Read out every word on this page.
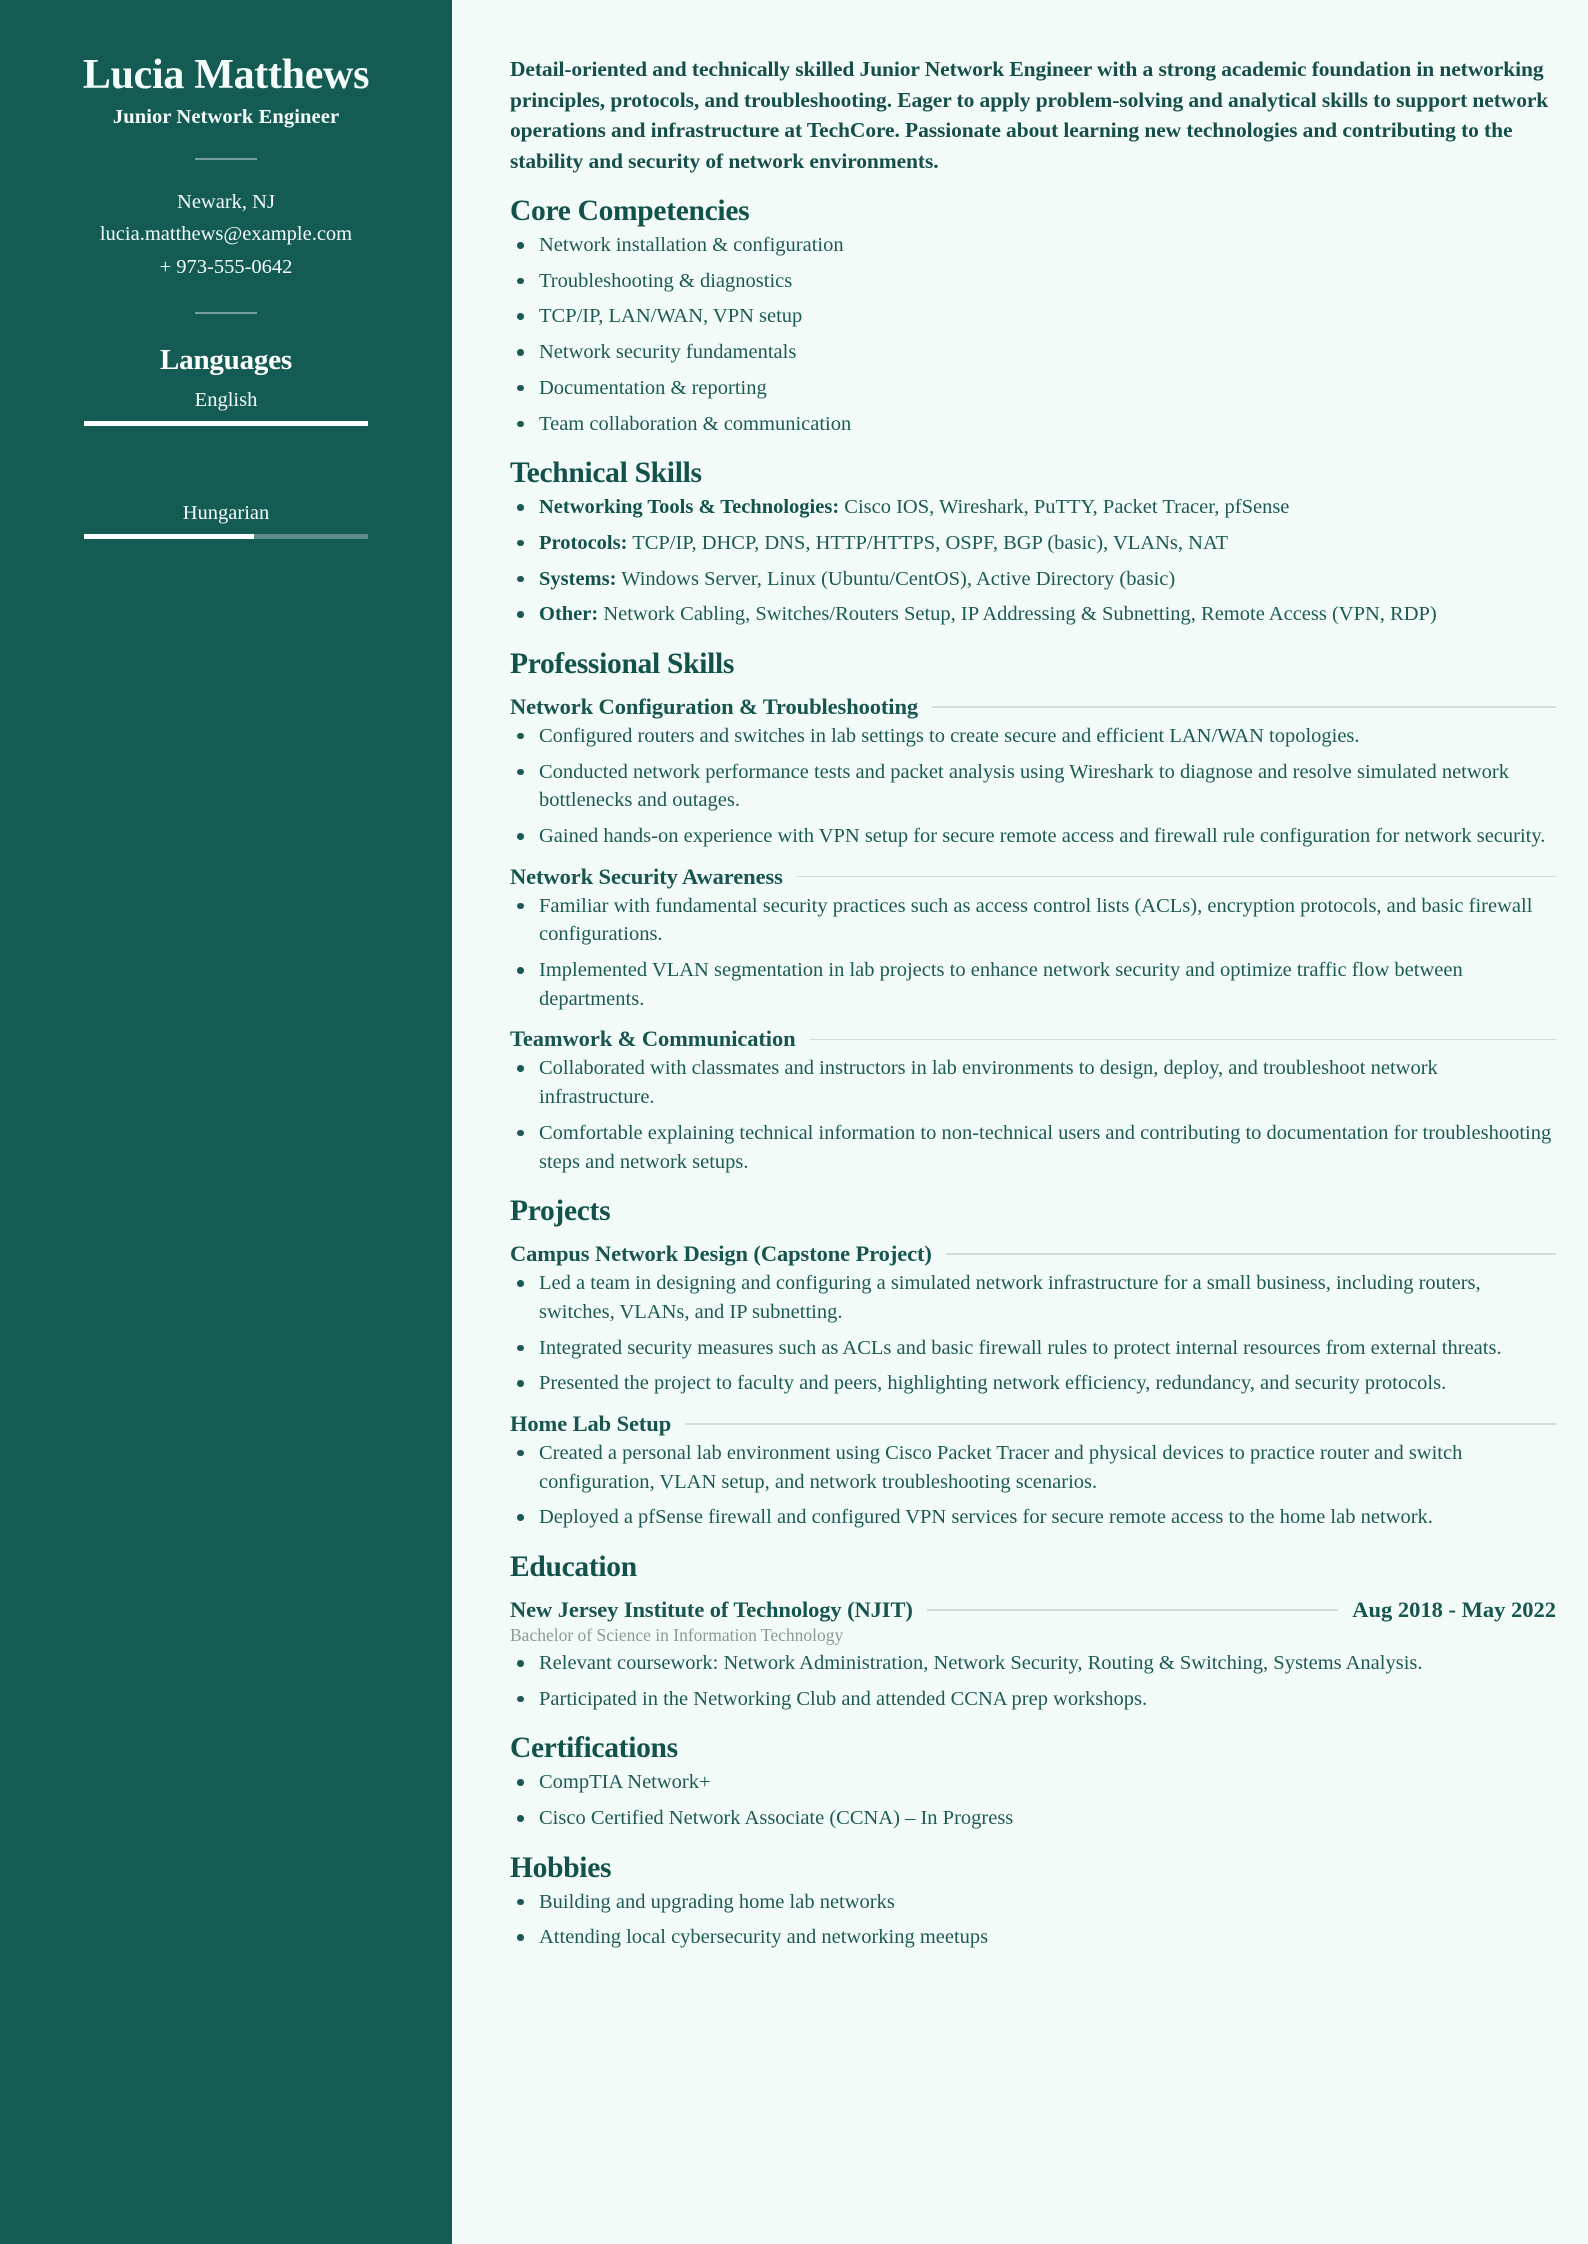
Lucia Matthews
Junior Network Engineer
Newark, NJ
lucia.matthews@example.com
+ 973-555-0642
Languages
English
Hungarian

Detail-oriented and technically skilled Junior Network Engineer with a strong academic foundation in networking principles, protocols, and troubleshooting. Eager to apply problem-solving and analytical skills to support network operations and infrastructure at TechCore. Passionate about learning new technologies and contributing to the stability and security of network environments.

Core Competencies
Network installation & configuration
Troubleshooting & diagnostics
TCP/IP, LAN/WAN, VPN setup
Network security fundamentals
Documentation & reporting
Team collaboration & communication
Technical Skills
Networking Tools & Technologies: Cisco IOS, Wireshark, PuTTY, Packet Tracer, pfSense
Protocols: TCP/IP, DHCP, DNS, HTTP/HTTPS, OSPF, BGP (basic), VLANs, NAT
Systems: Windows Server, Linux (Ubuntu/CentOS), Active Directory (basic)
Other: Network Cabling, Switches/Routers Setup, IP Addressing & Subnetting, Remote Access (VPN, RDP)
Professional Skills
Network Configuration & Troubleshooting
Configured routers and switches in lab settings to create secure and efficient LAN/WAN topologies.
Conducted network performance tests and packet analysis using Wireshark to diagnose and resolve simulated network bottlenecks and outages.
Gained hands-on experience with VPN setup for secure remote access and firewall rule configuration for network security.
Network Security Awareness
Familiar with fundamental security practices such as access control lists (ACLs), encryption protocols, and basic firewall configurations.
Implemented VLAN segmentation in lab projects to enhance network security and optimize traffic flow between departments.
Teamwork & Communication
Collaborated with classmates and instructors in lab environments to design, deploy, and troubleshoot network infrastructure.
Comfortable explaining technical information to non-technical users and contributing to documentation for troubleshooting steps and network setups.
Projects
Campus Network Design (Capstone Project)
Led a team in designing and configuring a simulated network infrastructure for a small business, including routers, switches, VLANs, and IP subnetting.
Integrated security measures such as ACLs and basic firewall rules to protect internal resources from external threats.
Presented the project to faculty and peers, highlighting network efficiency, redundancy, and security protocols.
Home Lab Setup
Created a personal lab environment using Cisco Packet Tracer and physical devices to practice router and switch configuration, VLAN setup, and network troubleshooting scenarios.
Deployed a pfSense firewall and configured VPN services for secure remote access to the home lab network.
Education
New Jersey Institute of Technology (NJIT)	Aug 2018 - May 2022
Bachelor of Science in Information Technology
Relevant coursework: Network Administration, Network Security, Routing & Switching, Systems Analysis.
Participated in the Networking Club and attended CCNA prep workshops.
Certifications
CompTIA Network+
Cisco Certified Network Associate (CCNA) – In Progress
Hobbies
Building and upgrading home lab networks
Attending local cybersecurity and networking meetups
